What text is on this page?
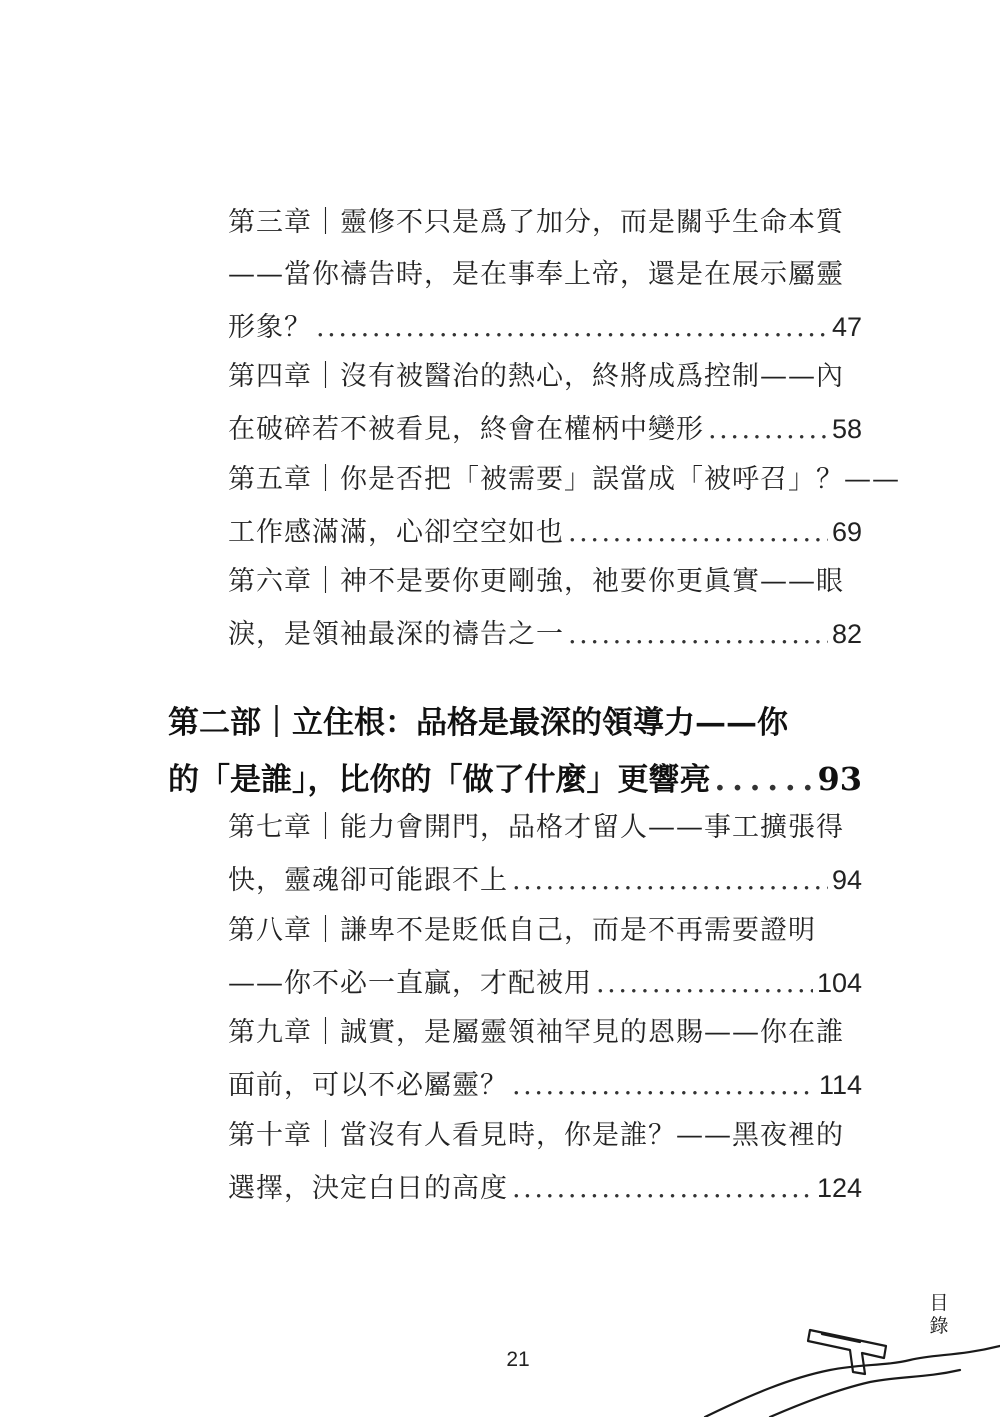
第三章｜靈修不只是爲了加分，而是關乎生命本質
——當你禱告時，是在事奉上帝，還是在展示屬靈
形象？ . . .	47
第四章｜沒有被醫治的熱心，終將成爲控制——內
在破碎若不被看見，終會在權柄中變形 . . .	58
第五章｜你是否把「被需要」誤當成「被呼召」？——
工作感滿滿，心卻空空如也 . . .	69
第六章｜神不是要你更剛強，祂要你更眞實——眼
淚，是領袖最深的禱告之一 . . .	82
第二部｜立住根：品格是最深的領導力——你
的「是誰」，比你的「做了什麼」更響亮 . . .	93
第七章｜能力會開門，品格才留人——事工擴張得
快，靈魂卻可能跟不上 . . .	94
第八章｜謙卑不是貶低自己，而是不再需要證明
——你不必一直贏，才配被用 . . .	104
第九章｜誠實，是屬靈領袖罕見的恩賜——你在誰
面前，可以不必屬靈？ . . .	114
第十章｜當沒有人看見時，你是誰？——黑夜裡的
選擇，決定白日的高度 . . .	124
21
目
錄
